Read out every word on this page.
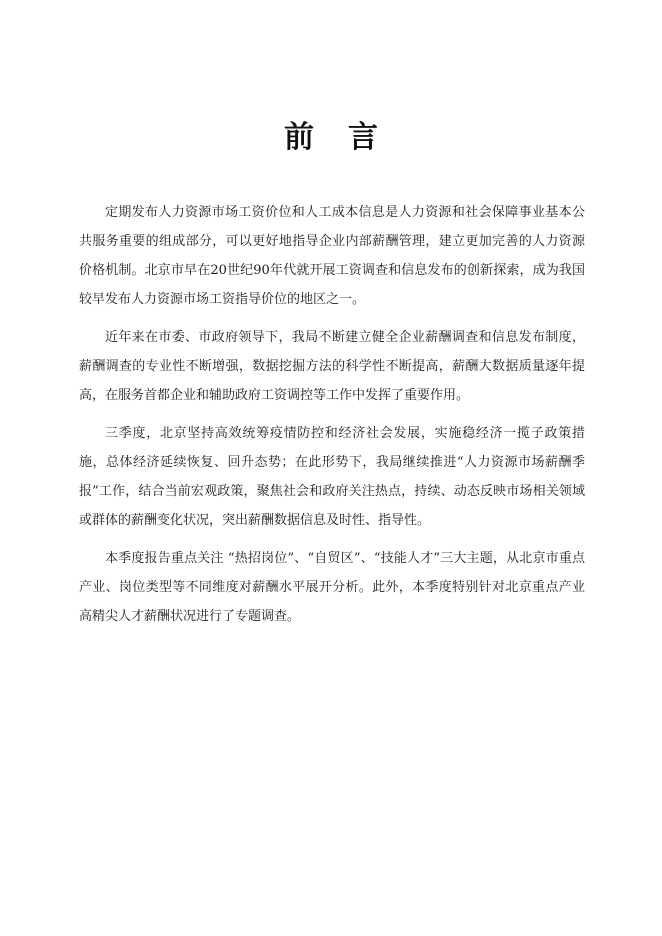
前言

定期发布人力资源市场工资价位和人工成本信息是人力资源和社会保障事业基本公共服务重要的组成部分，可以更好地指导企业内部薪酬管理，建立更加完善的人力资源价格机制。北京市早在20世纪90年代就开展工资调查和信息发布的创新探索，成为我国较早发布人力资源市场工资指导价位的地区之一。

近年来在市委、市政府领导下，我局不断建立健全企业薪酬调查和信息发布制度，薪酬调查的专业性不断增强，数据挖掘方法的科学性不断提高，薪酬大数据质量逐年提高，在服务首都企业和辅助政府工资调控等工作中发挥了重要作用。

三季度，北京坚持高效统筹疫情防控和经济社会发展，实施稳经济一揽子政策措施，总体经济延续恢复、回升态势；在此形势下，我局继续推进“人力资源市场薪酬季报”工作，结合当前宏观政策，聚焦社会和政府关注热点，持续、动态反映市场相关领域或群体的薪酬变化状况，突出薪酬数据信息及时性、指导性。

本季度报告重点关注 “热招岗位”、“自贸区”、“技能人才”三大主题，从北京市重点产业、岗位类型等不同维度对薪酬水平展开分析。此外，本季度特别针对北京重点产业高精尖人才薪酬状况进行了专题调查。
